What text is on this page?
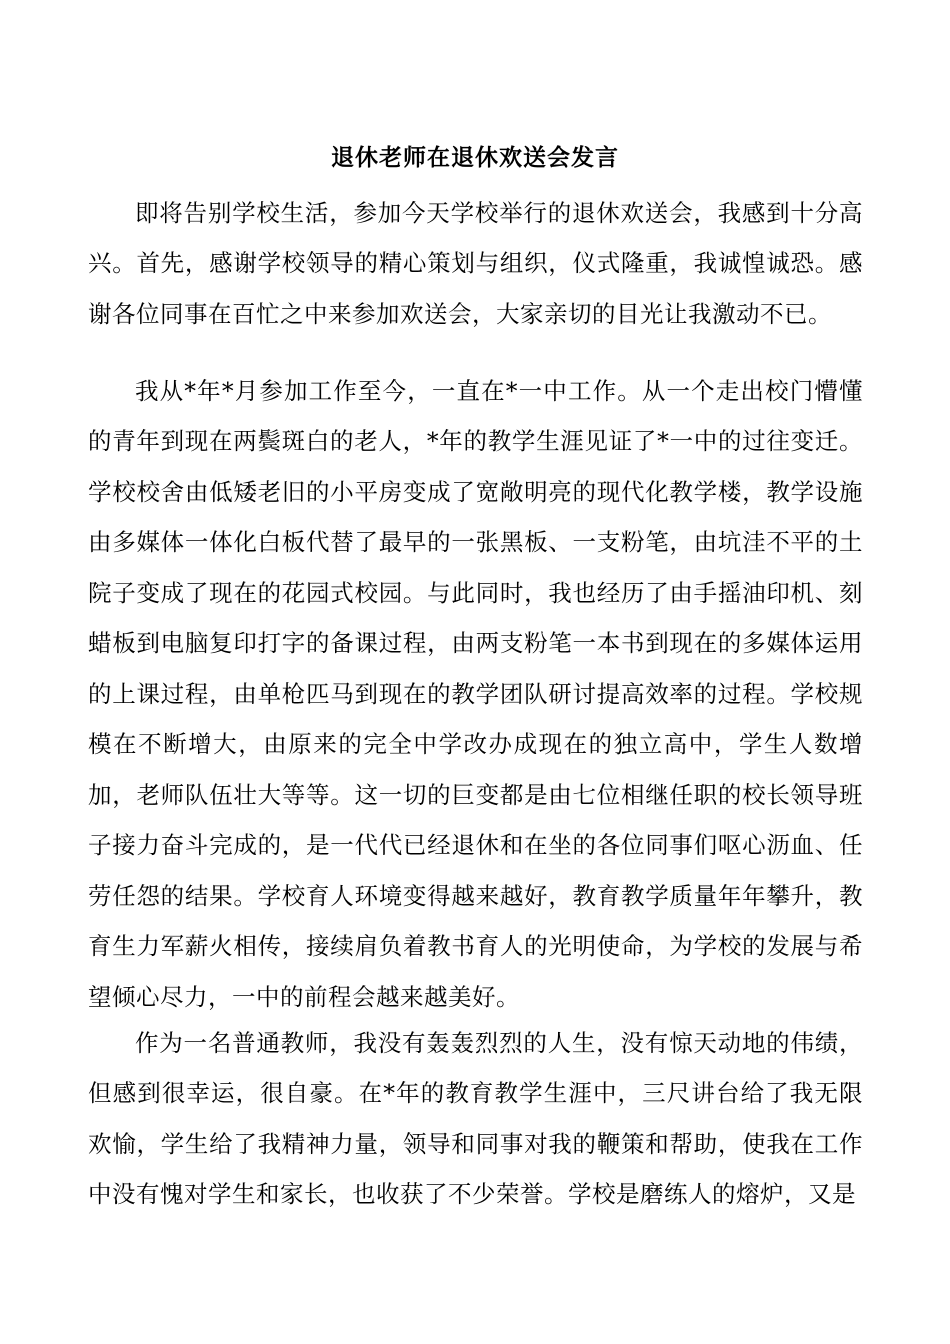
退休老师在退休欢送会发言

即将告别学校生活，参加今天学校举行的退休欢送会，我感到十分高兴。首先，感谢学校领导的精心策划与组织，仪式隆重，我诚惶诚恐。感谢各位同事在百忙之中来参加欢送会，大家亲切的目光让我激动不已。

我从*年*月参加工作至今，一直在*一中工作。从一个走出校门懵懂的青年到现在两鬓斑白的老人，*年的教学生涯见证了*一中的过往变迁。学校校舍由低矮老旧的小平房变成了宽敞明亮的现代化教学楼，教学设施由多媒体一体化白板代替了最早的一张黑板、一支粉笔，由坑洼不平的土院子变成了现在的花园式校园。与此同时，我也经历了由手摇油印机、刻蜡板到电脑复印打字的备课过程，由两支粉笔一本书到现在的多媒体运用的上课过程，由单枪匹马到现在的教学团队研讨提高效率的过程。学校规模在不断增大，由原来的完全中学改办成现在的独立高中，学生人数增加，老师队伍壮大等等。这一切的巨变都是由七位相继任职的校长领导班子接力奋斗完成的，是一代代已经退休和在坐的各位同事们呕心沥血、任劳任怨的结果。学校育人环境变得越来越好，教育教学质量年年攀升，教育生力军薪火相传，接续肩负着教书育人的光明使命，为学校的发展与希望倾心尽力，一中的前程会越来越美好。

作为一名普通教师，我没有轰轰烈烈的人生，没有惊天动地的伟绩，但感到很幸运，很自豪。在*年的教育教学生涯中，三尺讲台给了我无限欢愉，学生给了我精神力量，领导和同事对我的鞭策和帮助，使我在工作中没有愧对学生和家长，也收获了不少荣誉。学校是磨练人的熔炉，又是
